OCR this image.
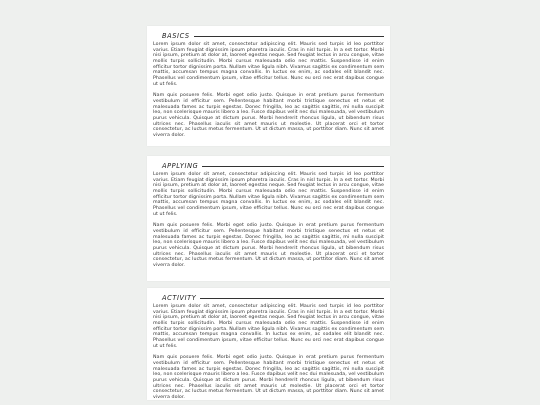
BASICS

Lorem ipsum dolor sit amet, consectetur adipiscing elit. Mauris sed turpis id leo porttitor varius. Etiam feugiat dignissim ipsum pharetra iaculis. Cras in nisl turpis. In a est tortor. Morbi nisi ipsum, pretium at dolor at, laoreet egestas neque. Sed feugiat lectus in arcu congue, vitae mollis turpis sollicitudin. Morbi cursus malesuada odio nec mattis. Suspendisse id enim efficitur tortor dignissim porta. Nullam vitae ligula nibh. Vivamus sagittis ex condimentum sem mattis, accumsan tempus magna convallis. In luctus ex enim, ac sodales elit blandit nec. Phasellus vel condimentum ipsum, vitae efficitur tellus. Nunc eu orci nec erat dapibus congue ut ut felis.

Nam quis posuere felis. Morbi eget odio justo. Quisque in erat pretium purus fermentum vestibulum id efficitur sem. Pellentesque habitant morbi tristique senectus et netus et malesuada fames ac turpis egestas. Donec fringilla, leo ac sagittis sagittis, mi nulla suscipit leo, non scelerisque mauris libero a leo. Fusce dapibus velit nec dui malesuada, vel vestibulum purus vehicula. Quisque at dictum purus. Morbi hendrerit rhoncus ligula, ut bibendum risus ultrices nec. Phasellus iaculis sit amet mauris ut molestie. Ut placerat orci et tortor consectetur, ac luctus metus fermentum. Ut ut dictum massa, ut porttitor diam. Nunc sit amet viverra dolor.

APPLYING

Lorem ipsum dolor sit amet, consectetur adipiscing elit. Mauris sed turpis id leo porttitor varius. Etiam feugiat dignissim ipsum pharetra iaculis. Cras in nisl turpis. In a est tortor. Morbi nisi ipsum, pretium at dolor at, laoreet egestas neque. Sed feugiat lectus in arcu congue, vitae mollis turpis sollicitudin. Morbi cursus malesuada odio nec mattis. Suspendisse id enim efficitur tortor dignissim porta. Nullam vitae ligula nibh. Vivamus sagittis ex condimentum sem mattis, accumsan tempus magna convallis. In luctus ex enim, ac sodales elit blandit nec. Phasellus vel condimentum ipsum, vitae efficitur tellus. Nunc eu orci nec erat dapibus congue ut ut felis.

Nam quis posuere felis. Morbi eget odio justo. Quisque in erat pretium purus fermentum vestibulum id efficitur sem. Pellentesque habitant morbi tristique senectus et netus et malesuada fames ac turpis egestas. Donec fringilla, leo ac sagittis sagittis, mi nulla suscipit leo, non scelerisque mauris libero a leo. Fusce dapibus velit nec dui malesuada, vel vestibulum purus vehicula. Quisque at dictum purus. Morbi hendrerit rhoncus ligula, ut bibendum risus ultrices nec. Phasellus iaculis sit amet mauris ut molestie. Ut placerat orci et tortor consectetur, ac luctus metus fermentum. Ut ut dictum massa, ut porttitor diam. Nunc sit amet viverra dolor.

ACTIVITY

Lorem ipsum dolor sit amet, consectetur adipiscing elit. Mauris sed turpis id leo porttitor varius. Etiam feugiat dignissim ipsum pharetra iaculis. Cras in nisl turpis. In a est tortor. Morbi nisi ipsum, pretium at dolor at, laoreet egestas neque. Sed feugiat lectus in arcu congue, vitae mollis turpis sollicitudin. Morbi cursus malesuada odio nec mattis. Suspendisse id enim efficitur tortor dignissim porta. Nullam vitae ligula nibh. Vivamus sagittis ex condimentum sem mattis, accumsan tempus magna convallis. In luctus ex enim, ac sodales elit blandit nec. Phasellus vel condimentum ipsum, vitae efficitur tellus. Nunc eu orci nec erat dapibus congue ut ut felis.

Nam quis posuere felis. Morbi eget odio justo. Quisque in erat pretium purus fermentum vestibulum id efficitur sem. Pellentesque habitant morbi tristique senectus et netus et malesuada fames ac turpis egestas. Donec fringilla, leo ac sagittis sagittis, mi nulla suscipit leo, non scelerisque mauris libero a leo. Fusce dapibus velit nec dui malesuada, vel vestibulum purus vehicula. Quisque at dictum purus. Morbi hendrerit rhoncus ligula, ut bibendum risus ultrices nec. Phasellus iaculis sit amet mauris ut molestie. Ut placerat orci et tortor consectetur, ac luctus metus fermentum. Ut ut dictum massa, ut porttitor diam. Nunc sit amet viverra dolor.
